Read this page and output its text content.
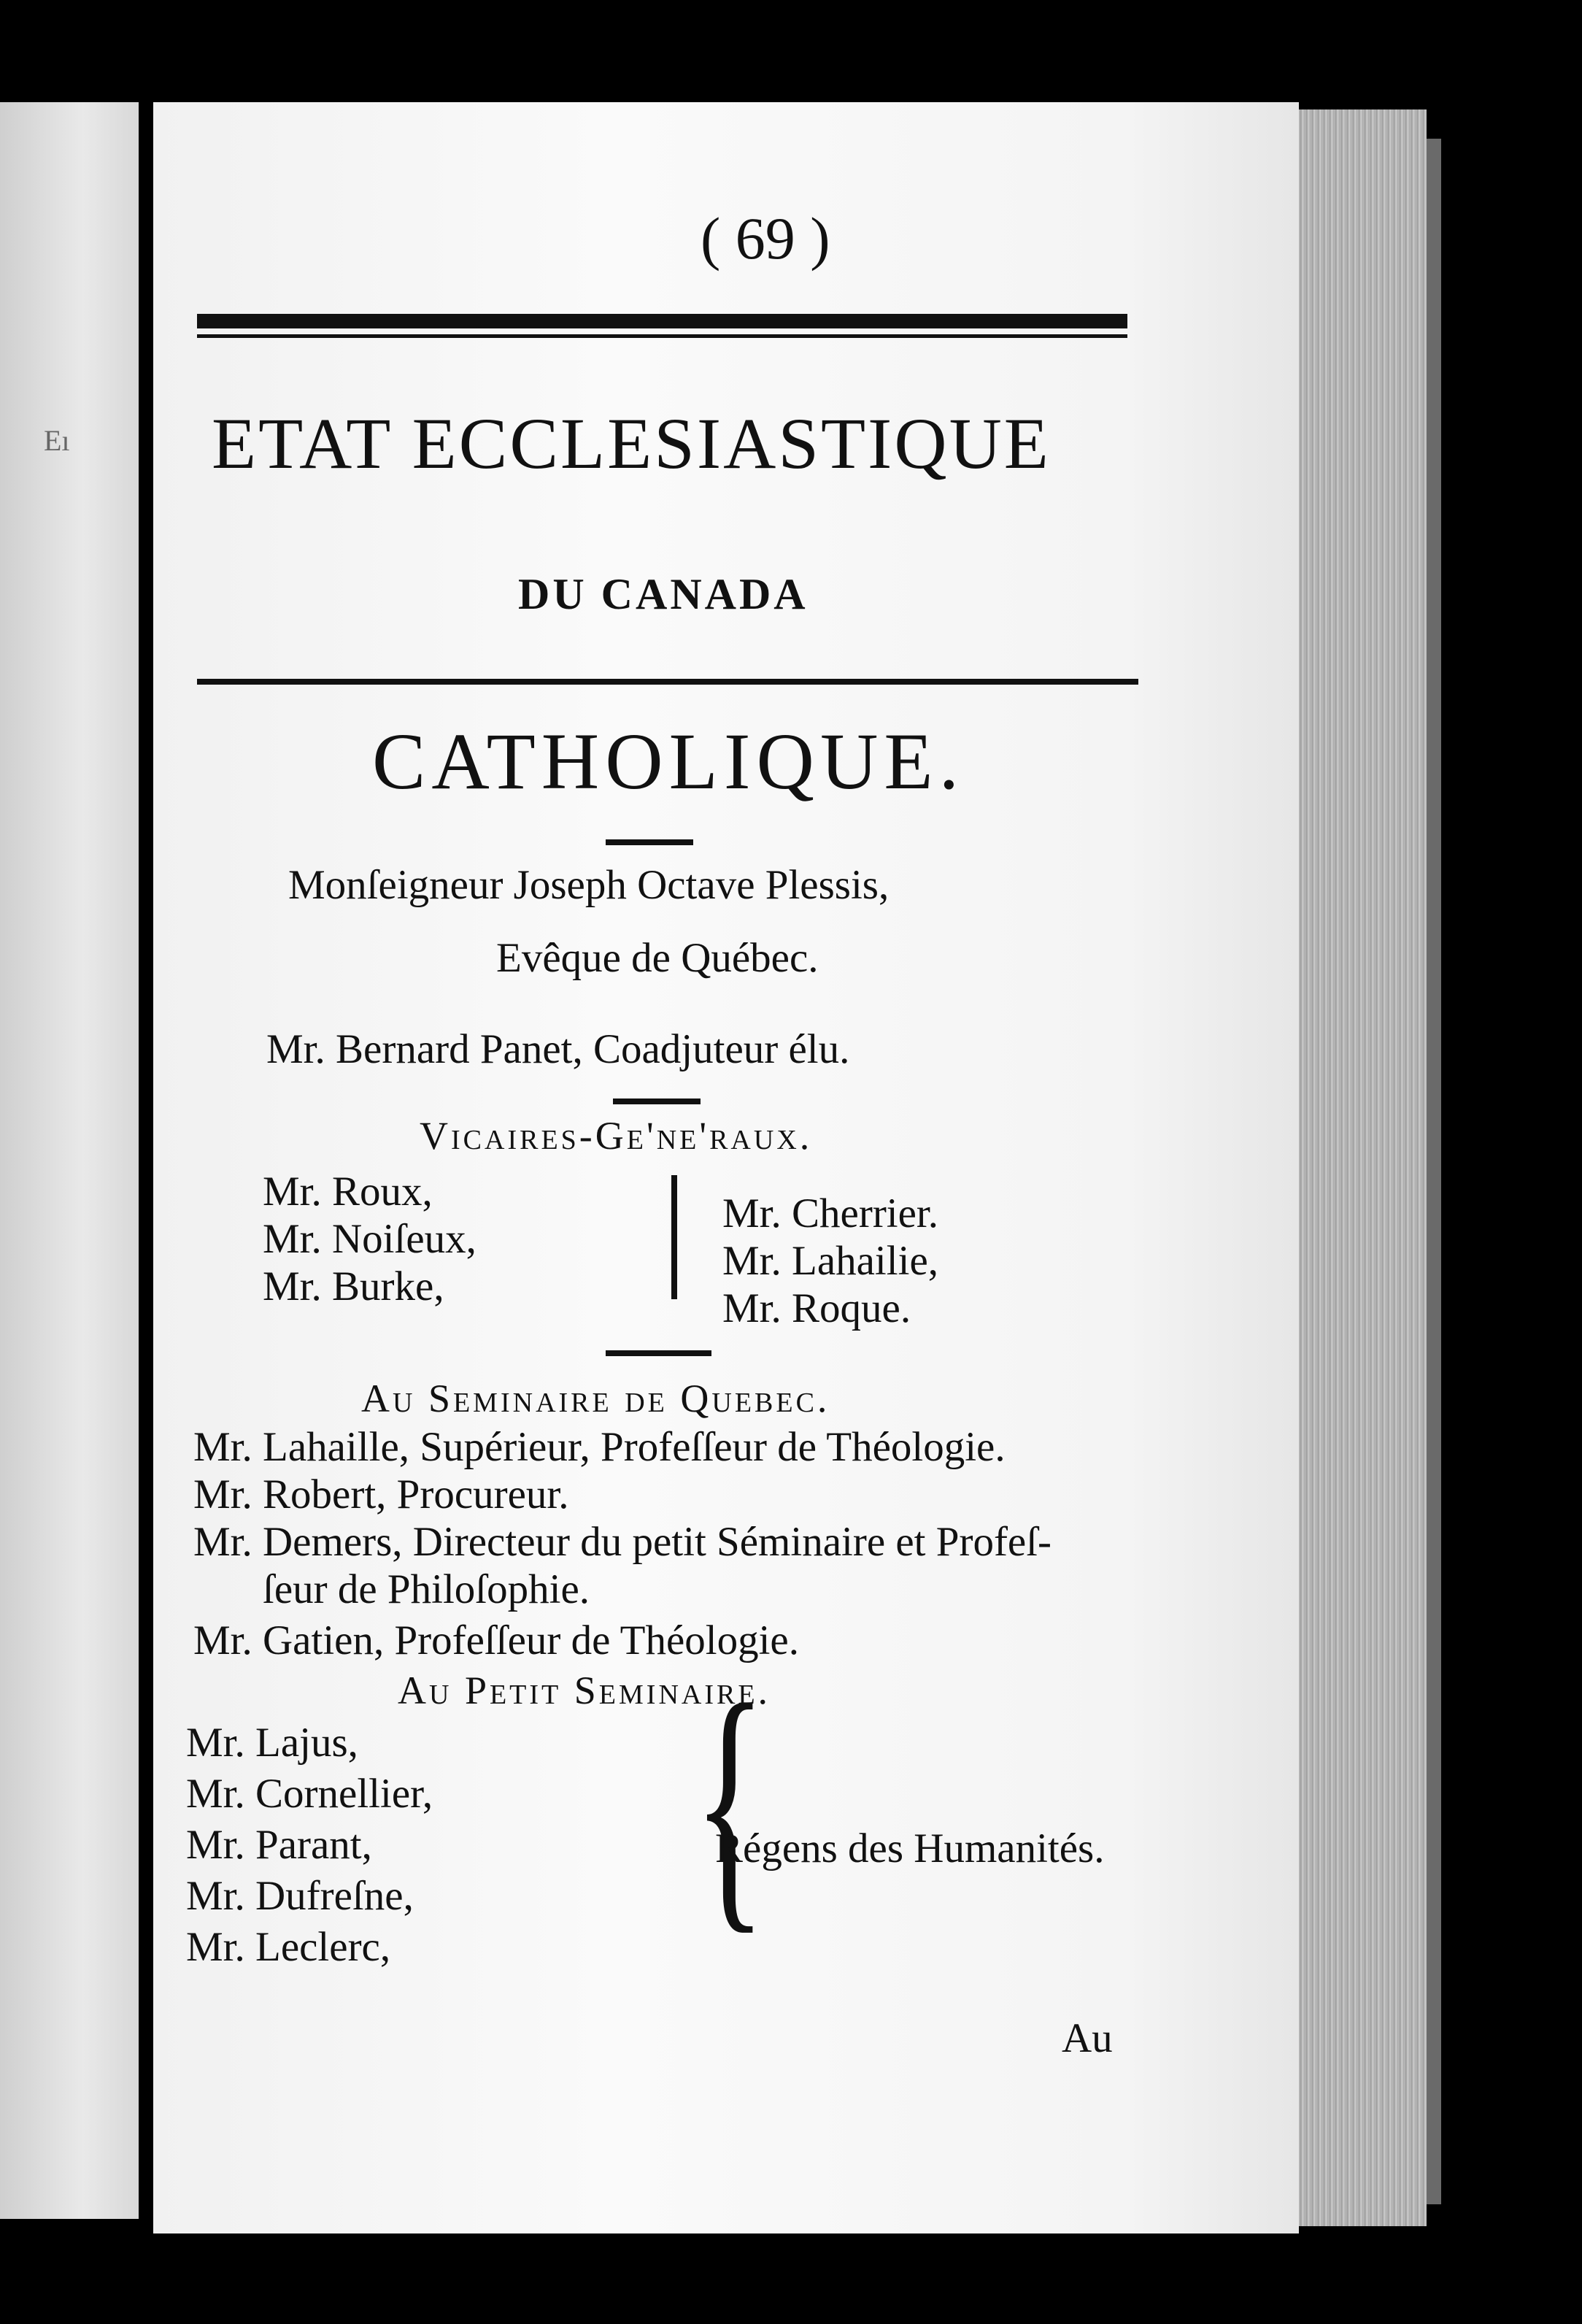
Eı
( 69 )
ETAT ECCLESIASTIQUE
DU CANADA
CATHOLIQUE.
Monſeigneur Joseph Octave Plessis,
Evêque de Québec.
Mr. Bernard Panet, Coadjuteur élu.
Vicaires-Ge'ne'raux.
Mr. Roux,
Mr. Noiſeux,
Mr. Burke,
Mr. Cherrier.
Mr. Lahailie,
Mr. Roque.
Au Seminaire de Quebec.
Mr. Lahaille, Supérieur, Profeſſeur de Théologie.
Mr. Robert, Procureur.
Mr. Demers, Directeur du petit Séminaire et Profeſ-
ſeur de Philoſophie.
Mr. Gatien, Profeſſeur de Théologie.
Au Petit Seminaire.
Mr. Lajus,
Mr. Cornellier,
Mr. Parant,
Mr. Dufreſne,
Mr. Leclerc, {
Régens des Humanités.
Au
